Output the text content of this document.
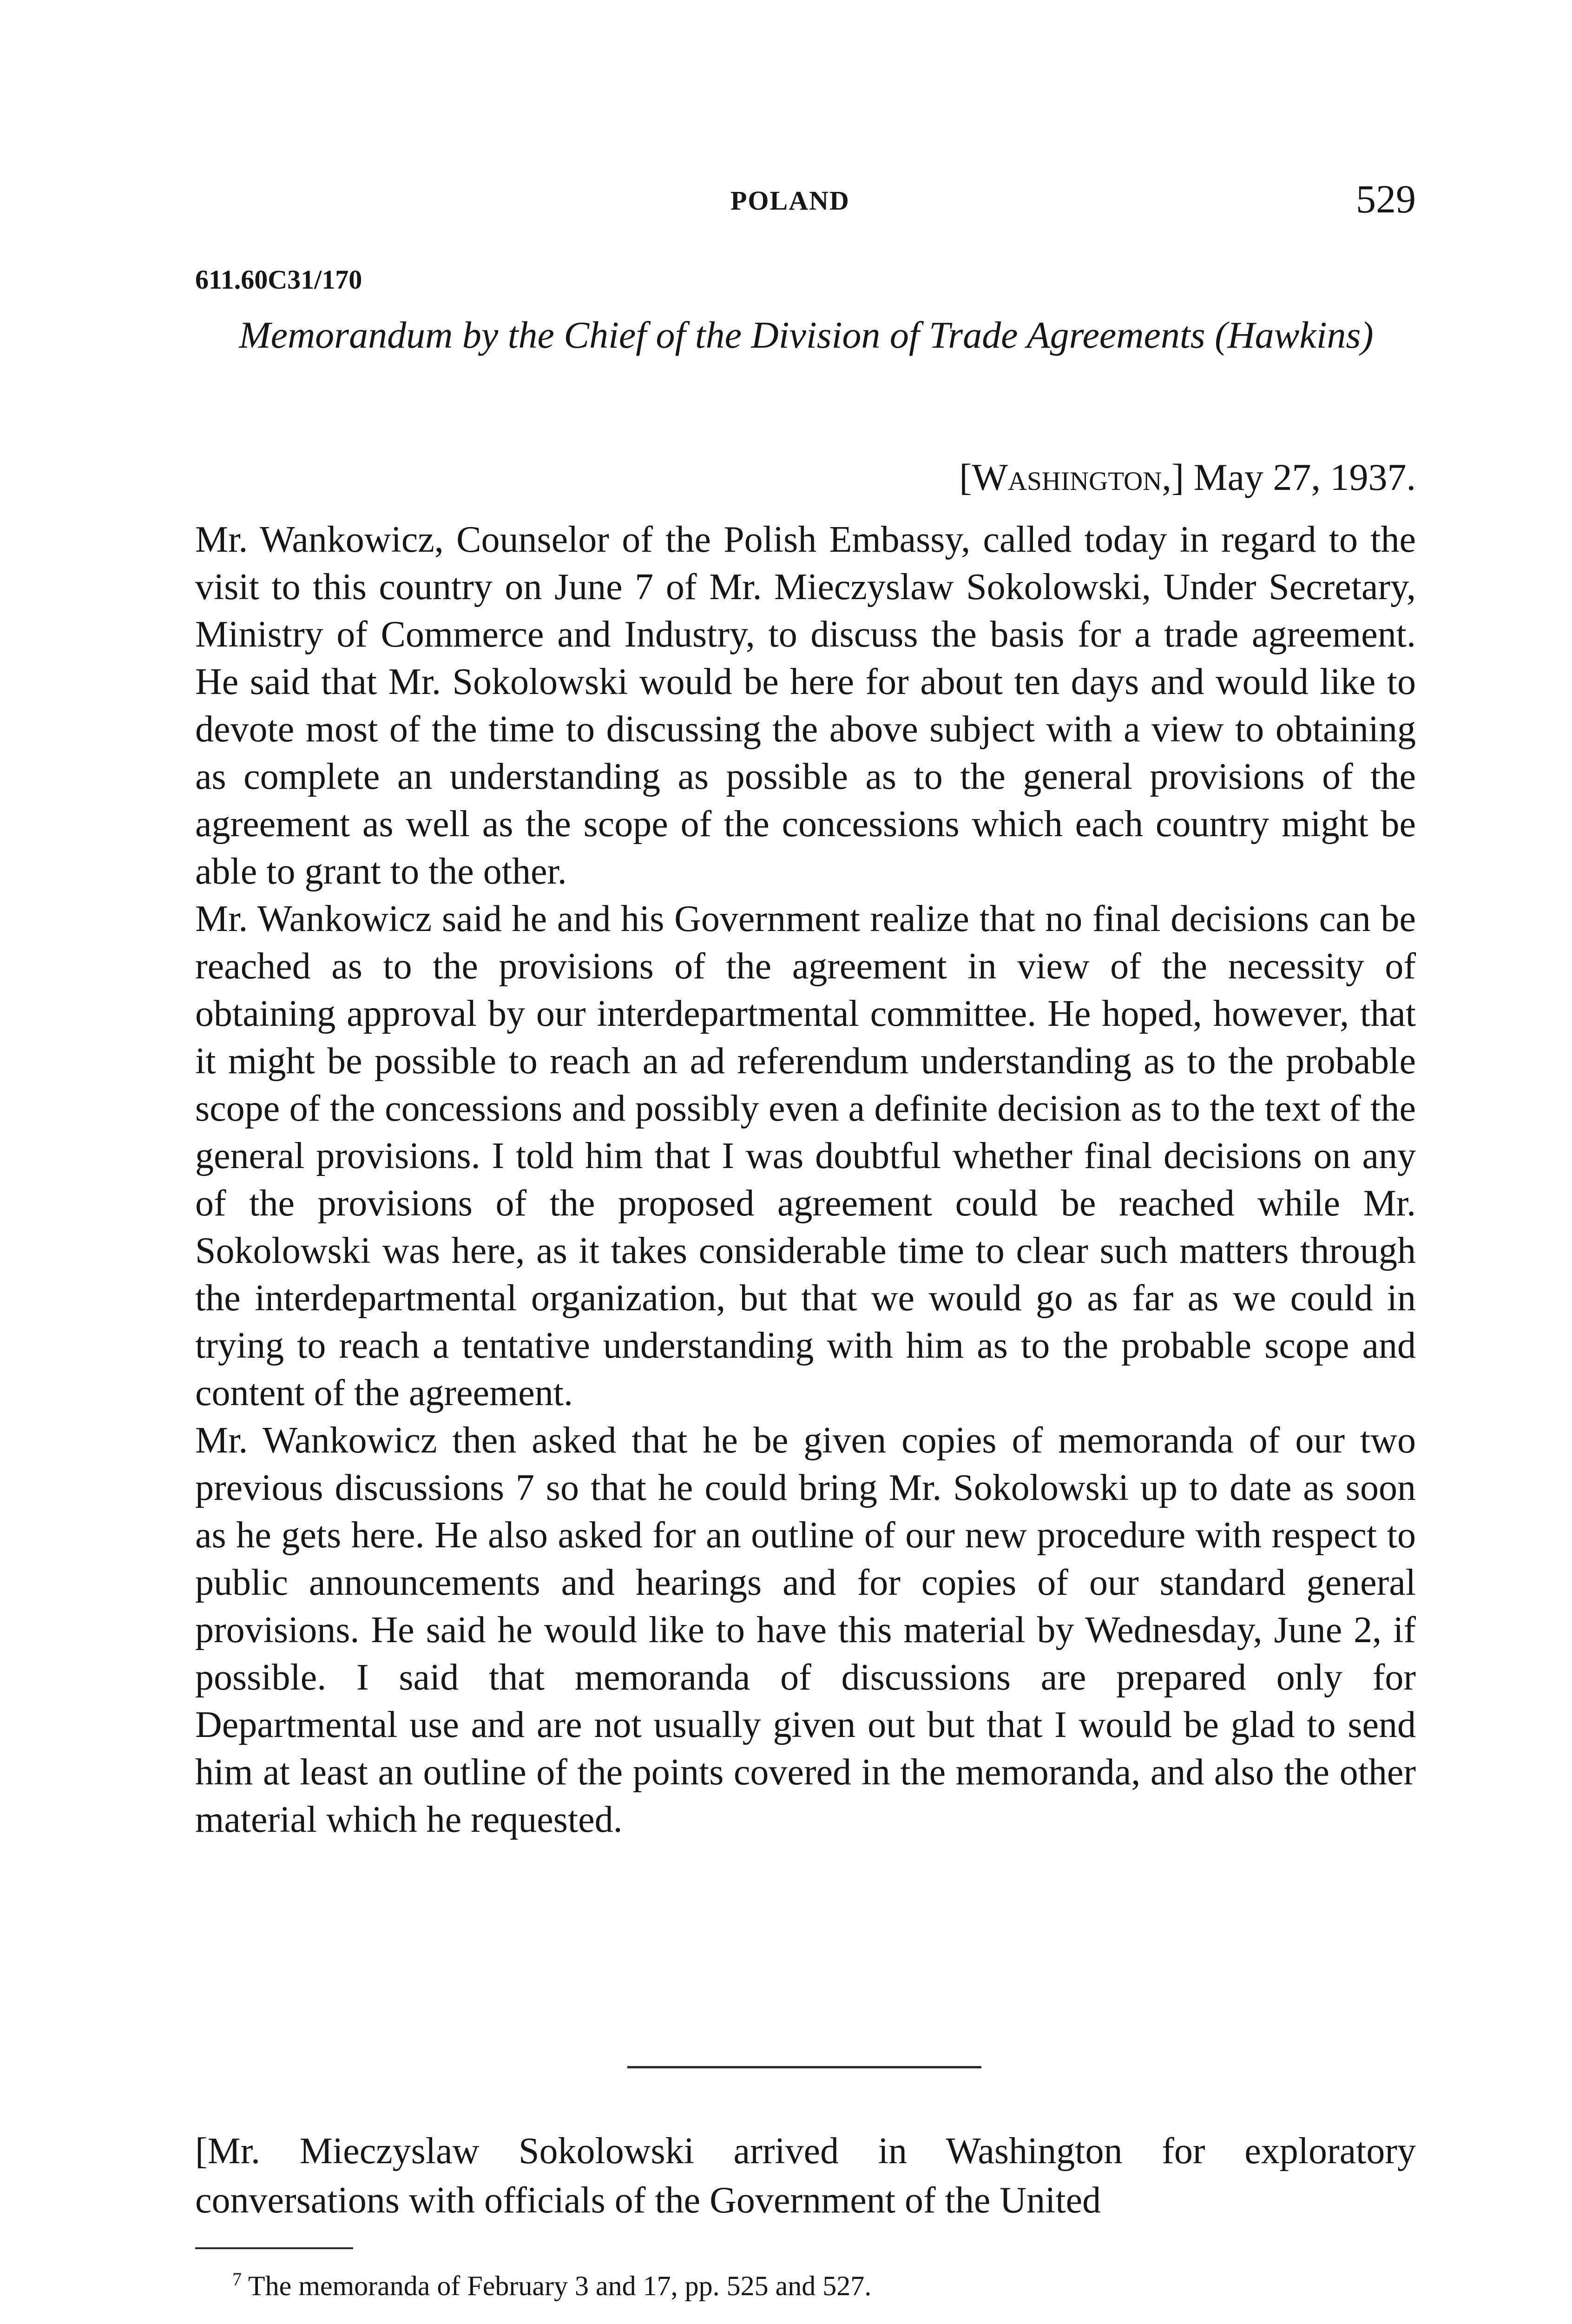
POLAND	529
611.60C31/170
Memorandum by the Chief of the Division of Trade Agreements (Hawkins)
[Washington,] May 27, 1937.

Mr. Wankowicz, Counselor of the Polish Embassy, called today in regard to the visit to this country on June 7 of Mr. Mieczyslaw Sokolowski, Under Secretary, Ministry of Commerce and Industry, to discuss the basis for a trade agreement. He said that Mr. Sokolowski would be here for about ten days and would like to devote most of the time to discussing the above subject with a view to obtaining as complete an understanding as possible as to the general provisions of the agreement as well as the scope of the concessions which each country might be able to grant to the other.

Mr. Wankowicz said he and his Government realize that no final decisions can be reached as to the provisions of the agreement in view of the necessity of obtaining approval by our interdepartmental committee. He hoped, however, that it might be possible to reach an ad referendum understanding as to the probable scope of the concessions and possibly even a definite decision as to the text of the general provisions. I told him that I was doubtful whether final decisions on any of the provisions of the proposed agreement could be reached while Mr. Sokolowski was here, as it takes considerable time to clear such matters through the interdepartmental organization, but that we would go as far as we could in trying to reach a tentative understanding with him as to the probable scope and content of the agreement.

Mr. Wankowicz then asked that he be given copies of memoranda of our two previous discussions 7 so that he could bring Mr. Sokolowski up to date as soon as he gets here. He also asked for an outline of our new procedure with respect to public announcements and hearings and for copies of our standard general provisions. He said he would like to have this material by Wednesday, June 2, if possible. I said that memoranda of discussions are prepared only for Departmental use and are not usually given out but that I would be glad to send him at least an outline of the points covered in the memoranda, and also the other material which he requested.

[Mr. Mieczyslaw Sokolowski arrived in Washington for exploratory conversations with officials of the Government of the United
$^7$ The memoranda of February 3 and 17, pp. 525 and 527.
